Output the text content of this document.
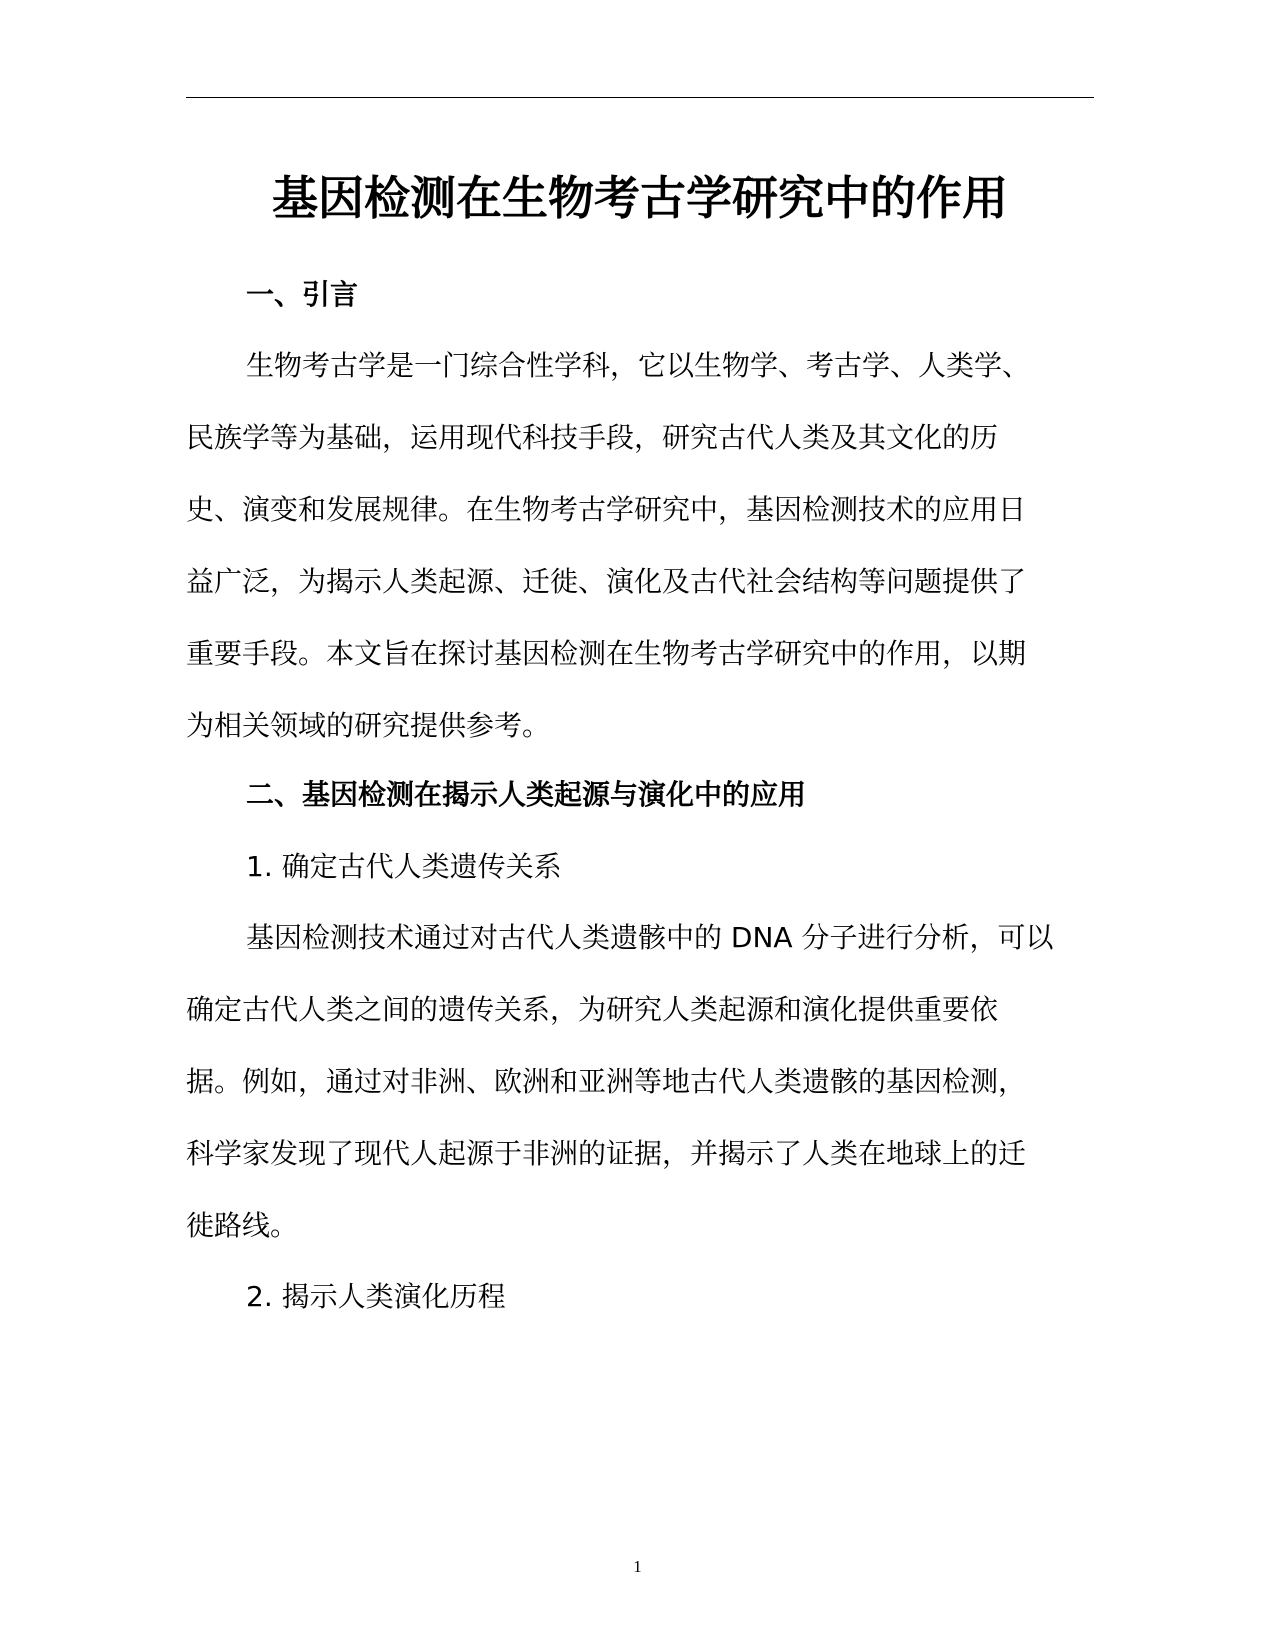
基因检测在生物考古学研究中的作用
一、引言
生物考古学是一门综合性学科，它以生物学、考古学、人类学、
民族学等为基础，运用现代科技手段，研究古代人类及其文化的历
史、演变和发展规律。在生物考古学研究中，基因检测技术的应用日
益广泛，为揭示人类起源、迁徙、演化及古代社会结构等问题提供了
重要手段。本文旨在探讨基因检测在生物考古学研究中的作用，以期
为相关领域的研究提供参考。
二、基因检测在揭示人类起源与演化中的应用
1. 确定古代人类遗传关系
基因检测技术通过对古代人类遗骸中的 DNA 分子进行分析，可以
确定古代人类之间的遗传关系，为研究人类起源和演化提供重要依
据。例如，通过对非洲、欧洲和亚洲等地古代人类遗骸的基因检测，
科学家发现了现代人起源于非洲的证据，并揭示了人类在地球上的迁
徙路线。
2. 揭示人类演化历程
1
